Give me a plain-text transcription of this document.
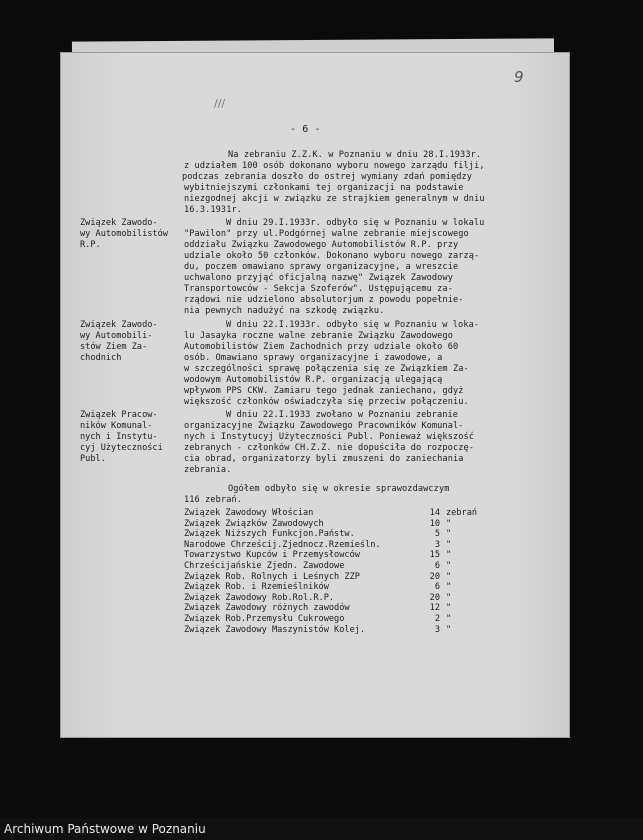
9
///
- 6 -
Na zebraniu Z.Z.K. w Poznaniu w dniu 28.I.1933r.
z udziałem 100 osób dokonano wyboru nowego zarządu filji,
podczas zebrania doszło do ostrej wymiany zdań pomiędzy
wybitniejszymi członkami tej organizacji na podstawie
niezgodnej akcji w związku ze strajkiem generalnym w dniu
16.3.1931r.
Związek Zawodo-
wy Automobilistów
R.P.
W dniu 29.I.1933r. odbyło się w Poznaniu w lokalu
"Pawilon" przy ul.Podgórnej walne zebranie miejscowego
oddziału Związku Zawodowego Automobilistów R.P. przy
udziale około 50 członków. Dokonano wyboru nowego zarzą-
du, poczem omawiano sprawy organizacyjne, a wreszcie
uchwalono przyjąć oficjalną nazwę" Związek Zawodowy
Transportowców - Sekcja Szoferów". Ustępującemu za-
rządowi nie udzielono absolutorjum z powodu popełnie-
nia pewnych nadużyć na szkodę związku.
Związek Zawodo-
wy Automobili-
stów Ziem Za-
chodnich
W dniu 22.I.1933r. odbyło się w Poznaniu w loka-
lu Jasayka roczne walne zebranie Związku Zawodowego
Automobilistów Ziem Zachodnich przy udziale około 60
osób. Omawiano sprawy organizacyjne i zawodowe, a
w szczególności sprawę połączenia się ze Związkiem Za-
wodowym Automobilistów R.P. organizacją ulegającą
wpływom PPS CKW. Zamiaru tego jednak zaniechano, gdyż
większość członków oświadczyła się przeciw połączeniu.
Związek Pracow-
ników Komunal-
nych i Instytu-
cyj Użyteczności
Publ.
W dniu 22.I.1933 zwołano w Poznaniu zebranie
organizacyjne Związku Zawodowego Pracowników Komunal-
nych i Instytucyj Użyteczności Publ. Ponieważ większość
zebranych - członków CH.Z.Z. nie dopuściła do rozpoczę-
cia obrad, organizatorzy byli zmuszeni do zaniechania
zebrania.
Ogółem odbyło się w okresie sprawozdawczym
116 zebrań.
Związek Zawodowy Włościan	14 zebrań
Związek Związków Zawodowych	10 "
Związek Niższych Funkcjon.Państw.	5 "
Narodowe Chrześcij.Zjednocz.Rzemieśln.	3 "
Towarzystwo Kupców i Przemysłowców	15 "
Chrześcijańskie Zjedn. Zawodowe	6 "
Związek Rob. Rolnych i Leśnych ZZP	20 "
Związek Rob. i Rzemieślników	6 "
Związek Zawodowy Rob.Rol.R.P.	20 "
Związek Zawodowy różnych zawodów	12 "
Związek Rob.Przemysłu Cukrowego	2 "
Związek Zawodowy Maszynistów Kolej.	3 "
Archiwum Państwowe w Poznaniu
